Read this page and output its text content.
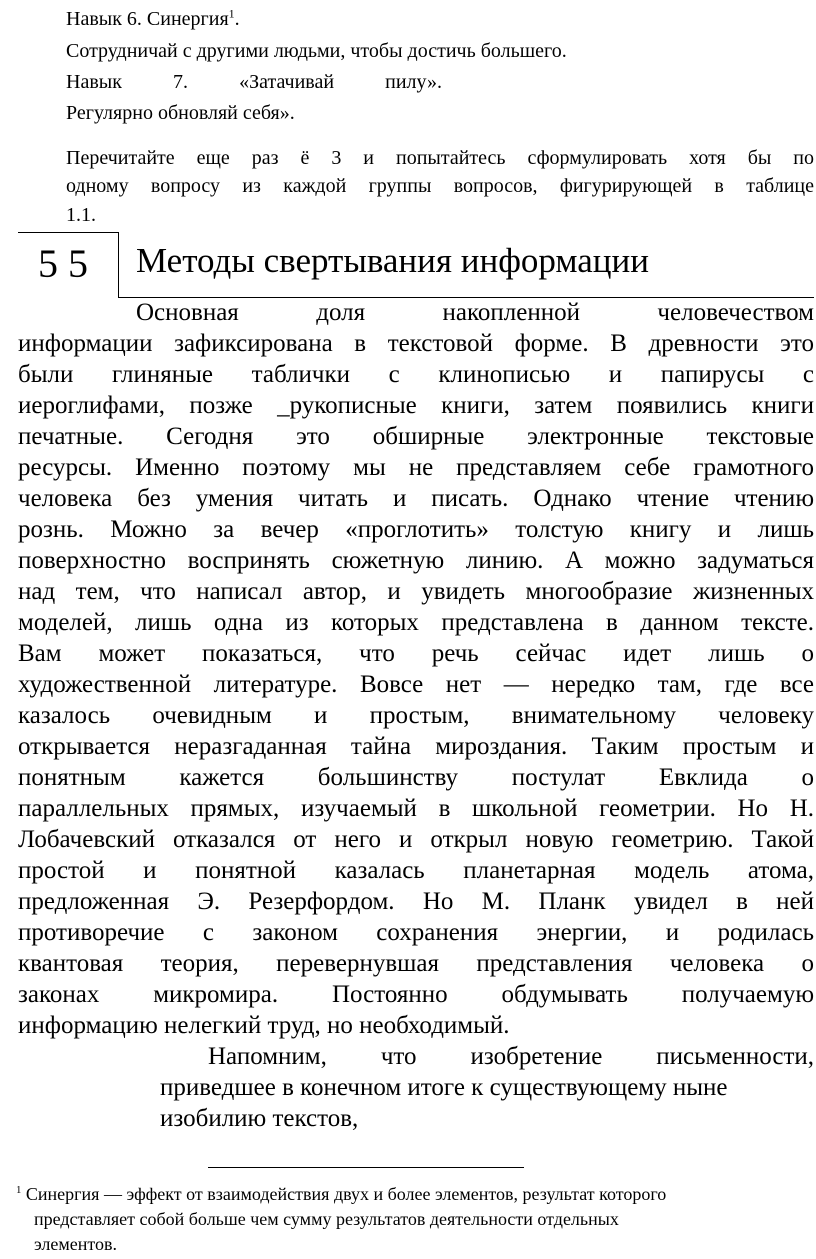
Навык 6. Синергия$^1$.
Сотрудничай с другими людьми, чтобы достичь большего.
Навык 7. «Затачивай пилу».
Регулярно обновляй себя».
Перечитайте еще раз ё 3 и попытайтесь сформулировать хотя бы по
одному вопросу из каждой группы вопросов, фигурирующей в таблице
1.1.
5 5 Методы свертывания информации
Основная доля накопленной человечеством
информации зафиксирована в текстовой форме. В древности это
были глиняные таблички с клинописью и папирусы с
иероглифами, позже _рукописные книги, затем появились книги
печатные. Сегодня это обширные электронные текстовые
ресурсы. Именно поэтому мы не представляем себе грамотного
человека без умения читать и писать. Однако чтение чтению
рознь. Можно за вечер «проглотить» толстую книгу и лишь
поверхностно воспринять сюжетную линию. А можно задуматься
над тем, что написал автор, и увидеть многообразие жизненных
моделей, лишь одна из которых представлена в данном тексте.
Вам может показаться, что речь сейчас идет лишь о
художественной литературе. Вовсе нет — нередко там, где все
казалось очевидным и простым, внимательному человеку
открывается неразгаданная тайна мироздания. Таким простым и
понятным кажется большинству постулат Евклида о
параллельных прямых, изучаемый в школьной геометрии. Но Н.
Лобачевский отказался от него и открыл новую геометрию. Такой
простой и понятной казалась планетарная модель атома,
предложенная Э. Резерфордом. Но М. Планк увидел в ней
противоречие с законом сохранения энергии, и родилась
квантовая теория, перевернувшая представления человека о
законах микромира. Постоянно обдумывать получаемую
информацию нелегкий труд, но необходимый.
Напомним, что изобретение письменности,
приведшее в конечном итоге к существующему ныне
изобилию текстов,
$^1$ Синергия — эффект от взаимодействия двух и более элементов, результат которого
представляет собой больше чем сумму результатов деятельности отдельных
элементов.
